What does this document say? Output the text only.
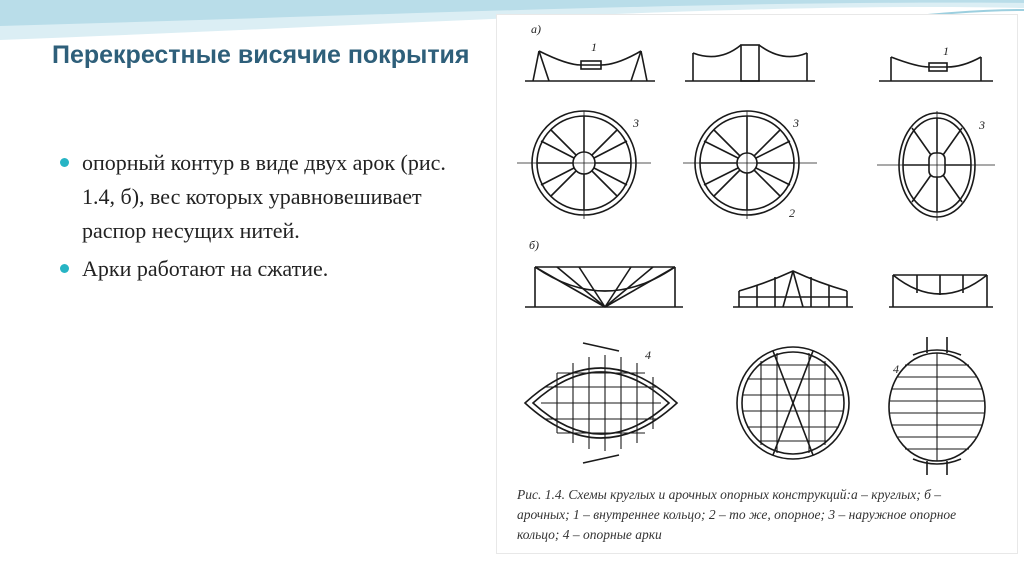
Перекрестные висячие покрытия
опорный контур в виде двух арок (рис. 1.4, б), вес которых уравновешивает распор несущих нитей.
Арки работают на сжатие.
а)
б)
1	1
3	3
2
3
4
4

Рис. 1.4. Схемы круглых и арочных опорных конструкций:а – круглых; б – арочных; 1 – внутреннее кольцо; 2 – то же, опорное; 3 – наружное опорное кольцо; 4 – опорные арки
